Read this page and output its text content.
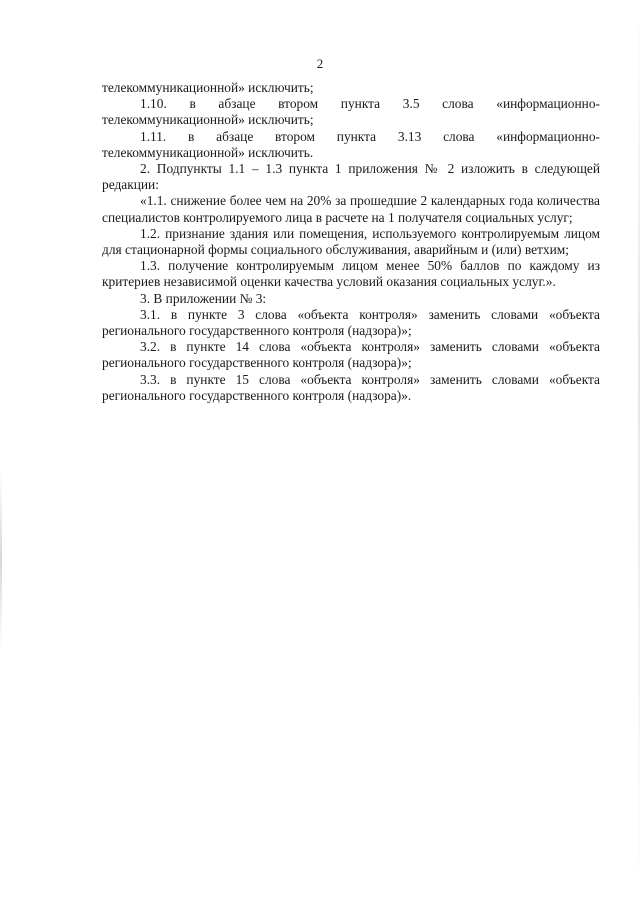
2

телекоммуникационной» исключить;

1.10. в абзаце втором пункта 3.5 слова «информационно-телекоммуникационной» исключить;

1.11. в абзаце втором пункта 3.13 слова «информационно-телекоммуникационной» исключить.

2. Подпункты 1.1 – 1.3 пункта 1 приложения № 2 изложить в следующей редакции:

«1.1. снижение более чем на 20% за прошедшие 2 календарных года количества специалистов контролируемого лица в расчете на 1 получателя социальных услуг;

1.2. признание здания или помещения, используемого контролируемым лицом для стационарной формы социального обслуживания, аварийным и (или) ветхим;

1.3. получение контролируемым лицом менее 50% баллов по каждому из критериев независимой оценки качества условий оказания социальных услуг.».

3. В приложении № 3:

3.1. в пункте 3 слова «объекта контроля» заменить словами «объекта регионального государственного контроля (надзора)»;

3.2. в пункте 14 слова «объекта контроля» заменить словами «объекта регионального государственного контроля (надзора)»;

3.3. в пункте 15 слова «объекта контроля» заменить словами «объекта регионального государственного контроля (надзора)».
